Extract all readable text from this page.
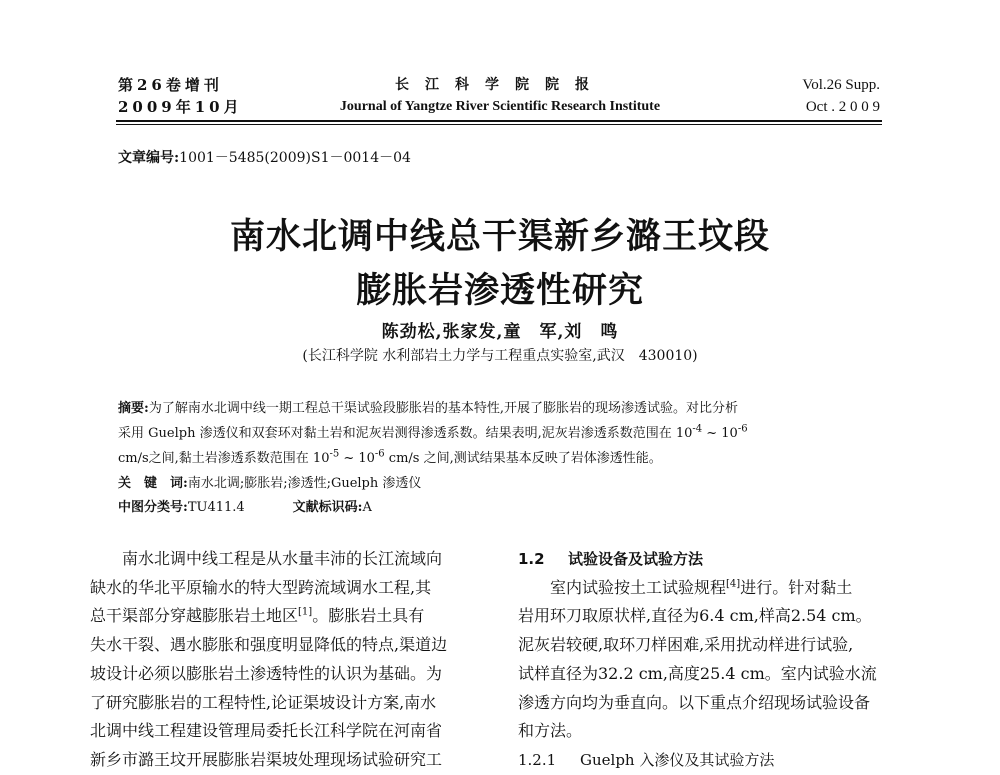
第26卷增刊
2009年10月
长江科学院院报
Journal of Yangtze River Scientific Research Institute
Vol.26 Supp.
Oct . 2 0 0 9
文章编号:1001－5485(2009)S1－0014－04
南水北调中线总干渠新乡潞王坟段
膨胀岩渗透性研究
陈劲松,张家发,童　军,刘　鸣
(长江科学院 水利部岩土力学与工程重点实验室,武汉　430010)
摘要:为了解南水北调中线一期工程总干渠试验段膨胀岩的基本特性,开展了膨胀岩的现场渗透试验。对比分析
采用 Guelph 渗透仪和双套环对黏土岩和泥灰岩测得渗透系数。结果表明,泥灰岩渗透系数范围在 $10^{-4}$ ~ $10^{-6}$
cm/s之间,黏土岩渗透系数范围在 $10^{-5}$ ~ $10^{-6}$ cm/s 之间,测试结果基本反映了岩体渗透性能。
关　键　词:南水北调;膨胀岩;渗透性;Guelph 渗透仪
中图分类号:TU411.4	文献标识码:A
　　南水北调中线工程是从水量丰沛的长江流域向
缺水的华北平原输水的特大型跨流域调水工程,其
总干渠部分穿越膨胀岩土地区[1]。膨胀岩土具有
失水干裂、遇水膨胀和强度明显降低的特点,渠道边
坡设计必须以膨胀岩土渗透特性的认识为基础。为
了研究膨胀岩的工程特性,论证渠坡设计方案,南水
北调中线工程建设管理局委托长江科学院在河南省
新乡市潞王坟开展膨胀岩渠坡处理现场试验研究工
1.2 试验设备及试验方法
　　室内试验按土工试验规程[4]进行。针对黏土
岩用环刀取原状样,直径为6.4 cm,样高2.54 cm。
泥灰岩较硬,取环刀样困难,采用扰动样进行试验,
试样直径为32.2 cm,高度25.4 cm。室内试验水流
渗透方向均为垂直向。以下重点介绍现场试验设备
和方法。
1.2.1 Guelph 入渗仪及其试验方法
